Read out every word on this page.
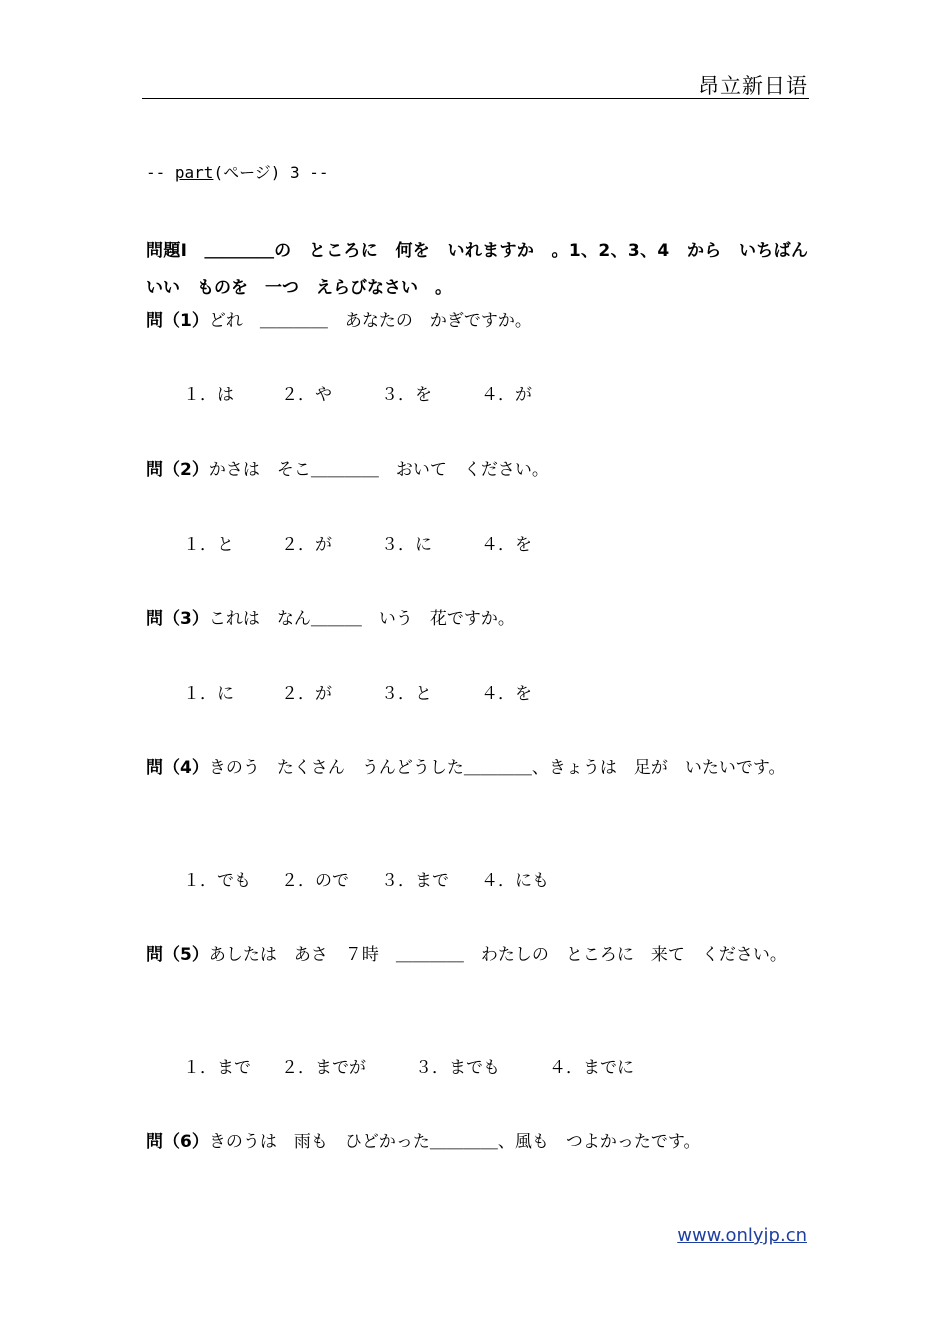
昂立新日语
-- part(ページ) 3 --
問題Ⅰ　＿＿＿＿の　ところに　何を　いれますか　。1、2、3、4　から　いちばん　いい　ものを　一つ　えらびなさい　。
問（1）どれ　＿＿＿＿　あなたの　かぎですか。
１．は	２．や	３．を	４．が
問（2）かさは　そこ＿＿＿＿　おいて　ください。
１．と	２．が	３．に	４．を
問（3）これは　なん＿＿＿　いう　花ですか。
１．に	２．が	３．と	４．を
問（4）きのう　たくさん　うんどうした＿＿＿＿、きょうは　足が　いたいです。
１．でも ２．ので ３．まで ４．にも
問（5）あしたは　あさ　７時　＿＿＿＿　わたしの　ところに　来て　ください。
１．まで ２．までが	３．までも	４．までに
問（6）きのうは　雨も　ひどかった＿＿＿＿、風も　つよかったです。
www.onlyjp.cn
